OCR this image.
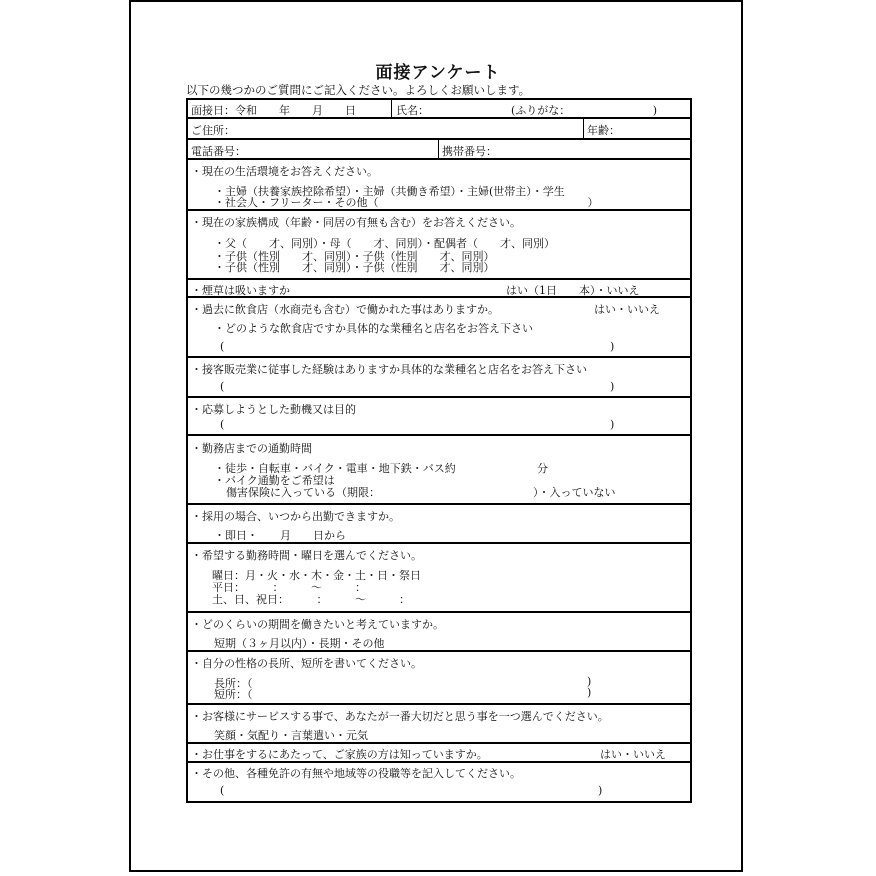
面接アンケート
以下の幾つかのご質問にご記入ください。よろしくお願いします。
面接日：令和　　年　　月　　日	氏名：	(ふりがな：　　　　　　　　)
ご住所：	年齢：
電話番号：	携帯番号：
・現在の生活環境をお答えください。
・主婦（扶養家族控除希望）・主婦（共働き希望）・主婦(世帯主）・学生
・社会人・フリーター・その他（　　　　　　　　　　　　　　　　　　　）
・現在の家族構成（年齢・同居の有無も含む）をお答えください。
・父（　　才、同別）・母（　　才、同別）・配偶者（　　才、同別）
・子供（性別　　才、同別）・子供（性別　　才、同別）
・子供（性別　　才、同別）・子供（性別　　才、同別）
・煙草は吸いますか	はい（1日　　本）・いいえ
・過去に飲食店（水商売も含む）で働かれた事はありますか。	はい・いいえ
・どのような飲食店ですか具体的な業種名と店名をお答え下さい
(	)
・接客販売業に従事した経験はありますか具体的な業種名と店名をお答え下さい
(	)
・応募しようとした動機又は目的
(	)
・勤務店までの通勤時間
・徒歩・自転車・バイク・電車・地下鉄・バス約	分
・バイク通勤をご希望は
傷害保険に入っている（期限：	）・入っていない
・採用の場合、いつから出勤できますか。
・即日・　　月　　日から
・希望する勤務時間・曜日を選んでください。
曜日：月・火・水・木・金・土・日・祭日
平日：　　　：　　　〜　　　：
土、日、祝日：　　　：　　　〜　　　：
・どのくらいの期間を働きたいと考えていますか。
短期（３ヶ月以内）・長期・その他
・自分の性格の長所、短所を書いてください。
長所：（	)
短所：（	)
・お客様にサービスする事で、あなたが一番大切だと思う事を一つ選んでください。
笑顔・気配り・言葉遣い・元気
・お仕事をするにあたって、ご家族の方は知っていますか。	はい・いいえ
・その他、各種免許の有無や地域等の役職等を記入してください。
(	)
